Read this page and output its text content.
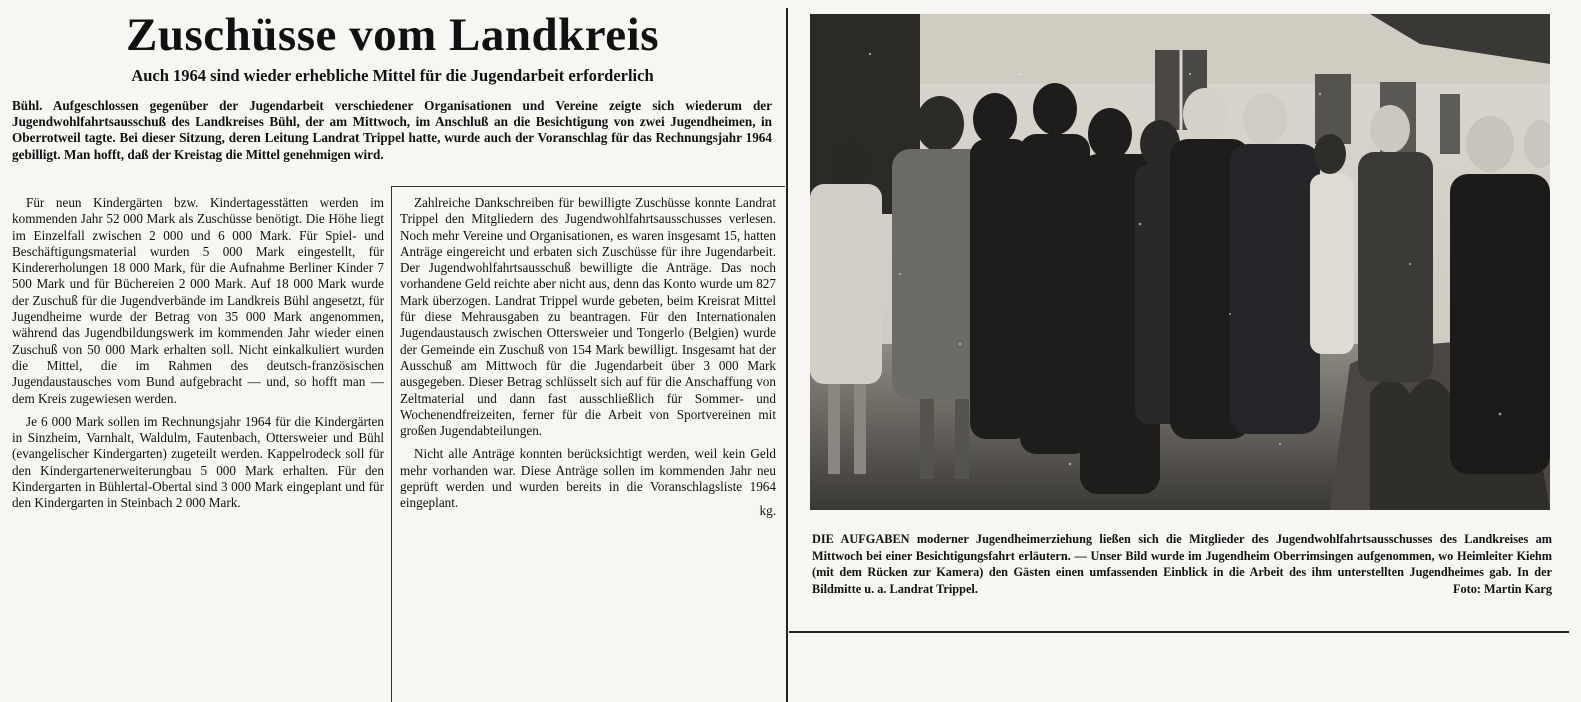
Zuschüsse vom Landkreis
Auch 1964 sind wieder erhebliche Mittel für die Jugendarbeit erforderlich

Bühl. Aufgeschlossen gegenüber der Jugendarbeit verschiedener Organisationen und Vereine zeigte sich wiederum der Jugendwohlfahrtsausschuß des Landkreises Bühl, der am Mittwoch, im Anschluß an die Besichtigung von zwei Jugendheimen, in Oberrotweil tagte. Bei dieser Sitzung, deren Leitung Landrat Trippel hatte, wurde auch der Voranschlag für das Rechnungsjahr 1964 gebilligt. Man hofft, daß der Kreistag die Mittel genehmigen wird.

Für neun Kindergärten bzw. Kindertagesstätten werden im kommenden Jahr 52 000 Mark als Zuschüsse benötigt. Die Höhe liegt im Einzelfall zwischen 2 000 und 6 000 Mark. Für Spiel- und Beschäftigungsmaterial wurden 5 000 Mark eingestellt, für Kindererholungen 18 000 Mark, für die Aufnahme Berliner Kinder 7 500 Mark und für Büchereien 2 000 Mark. Auf 18 000 Mark wurde der Zuschuß für die Jugendverbände im Landkreis Bühl angesetzt, für Jugendheime wurde der Betrag von 35 000 Mark angenommen, während das Jugendbildungswerk im kommenden Jahr wieder einen Zuschuß von 50 000 Mark erhalten soll. Nicht einkalkuliert wurden die Mittel, die im Rahmen des deutsch-französischen Jugendaustausches vom Bund aufgebracht — und, so hofft man — dem Kreis zugewiesen werden.

Je 6 000 Mark sollen im Rechnungsjahr 1964 für die Kindergärten in Sinzheim, Varnhalt, Waldulm, Fautenbach, Ottersweier und Bühl (evangelischer Kindergarten) zugeteilt werden. Kappelrodeck soll für den Kindergartenerweiterungbau 5 000 Mark erhalten. Für den Kindergarten in Bühlertal-Obertal sind 3 000 Mark eingeplant und für den Kindergarten in Steinbach 2 000 Mark.

Zahlreiche Dankschreiben für bewilligte Zuschüsse konnte Landrat Trippel den Mitgliedern des Jugendwohlfahrtsausschusses verlesen. Noch mehr Vereine und Organisationen, es waren insgesamt 15, hatten Anträge eingereicht und erbaten sich Zuschüsse für ihre Jugendarbeit. Der Jugendwohlfahrtsausschuß bewilligte die Anträge. Das noch vorhandene Geld reichte aber nicht aus, denn das Konto wurde um 827 Mark überzogen. Landrat Trippel wurde gebeten, beim Kreisrat Mittel für diese Mehrausgaben zu beantragen. Für den Internationalen Jugendaustausch zwischen Ottersweier und Tongerlo (Belgien) wurde der Gemeinde ein Zuschuß von 154 Mark bewilligt. Insgesamt hat der Ausschuß am Mittwoch für die Jugendarbeit über 3 000 Mark ausgegeben. Dieser Betrag schlüsselt sich auf für die Anschaffung von Zeltmaterial und dann fast ausschließlich für Sommer- und Wochenendfreizeiten, ferner für die Arbeit von Sportvereinen mit großen Jugendabteilungen.

Nicht alle Anträge konnten berücksichtigt werden, weil kein Geld mehr vorhanden war. Diese Anträge sollen im kommenden Jahr neu geprüft werden und wurden bereits in die Voranschlagsliste 1964 eingeplant.	kg.

DIE AUFGABEN moderner Jugendheimerziehung ließen sich die Mitglieder des Jugendwohlfahrtsausschusses des Landkreises am Mittwoch bei einer Besichtigungsfahrt erläutern. — Unser Bild wurde im Jugendheim Oberrimsingen aufgenommen, wo Heimleiter Kiehm (mit dem Rücken zur Kamera) den Gästen einen umfassenden Einblick in die Arbeit des ihm unterstellten Jugendheimes gab. In der Bildmitte u. a. Landrat Trippel.	Foto: Martin Karg
